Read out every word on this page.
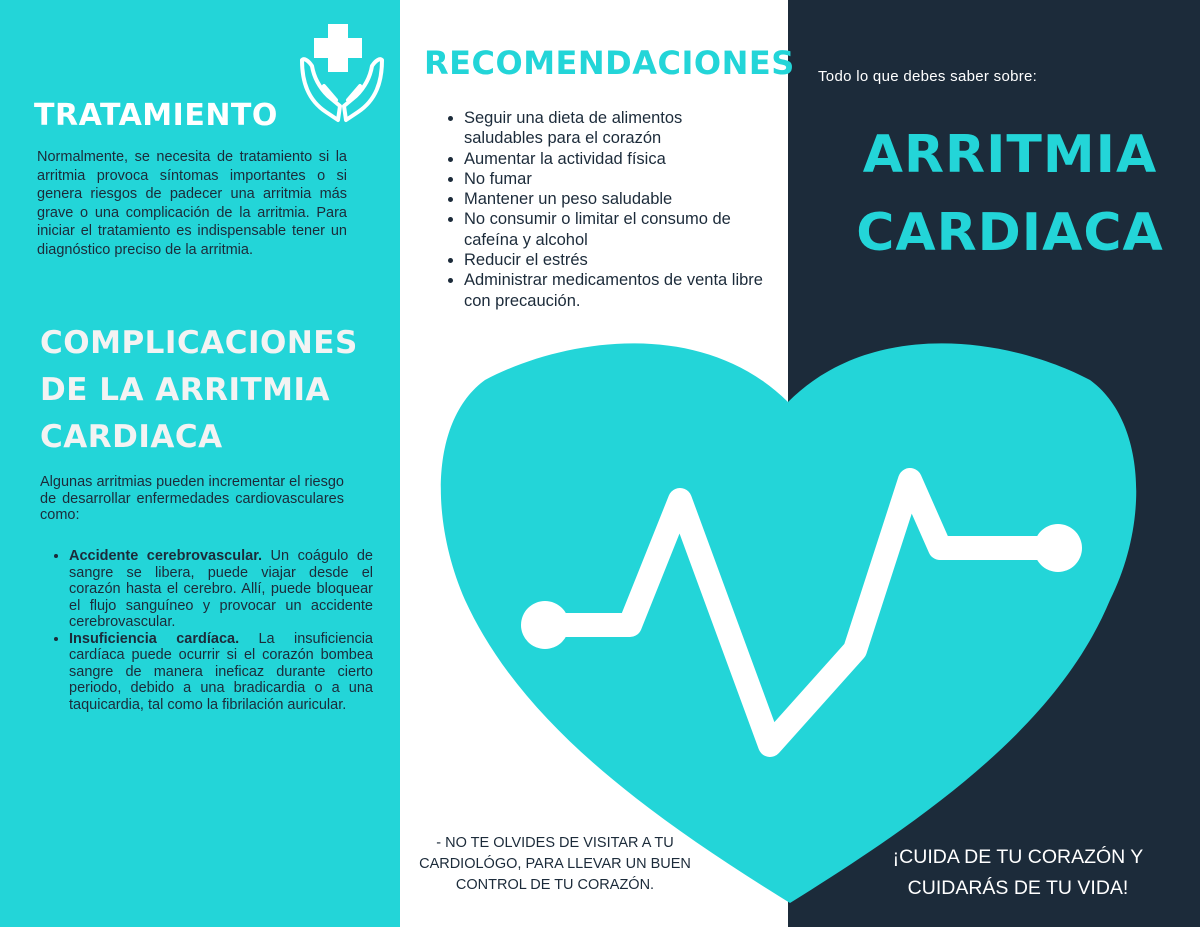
TRATAMIENTO

Normalmente, se necesita de tratamiento si la arritmia provoca síntomas importantes o si genera riesgos de padecer una arritmia más grave o una complicación de la arritmia. Para iniciar el tratamiento es indispensable tener un diagnóstico preciso de la arritmia.

COMPLICACIONES DE LA ARRITMIA CARDIACA

Algunas arritmias pueden incrementar el riesgo de desarrollar enfermedades cardiovasculares como:

• Accidente cerebrovascular. Un coágulo de sangre se libera, puede viajar desde el corazón hasta el cerebro. Allí, puede bloquear el flujo sanguíneo y provocar un accidente cerebrovascular.
• Insuficiencia cardíaca. La insuficiencia cardíaca puede ocurrir si el corazón bombea sangre de manera ineficaz durante cierto periodo, debido a una bradicardia o a una taquicardia, tal como la fibrilación auricular.
RECOMENDACIONES
• Seguir una dieta de alimentos saludables para el corazón
• Aumentar la actividad física
• No fumar
• Mantener un peso saludable
• No consumir o limitar el consumo de cafeína y alcohol
• Reducir el estrés
• Administrar medicamentos de venta libre con precaución.

- NO TE OLVIDES DE VISITAR A TU CARDIOLÓGO, PARA LLEVAR UN BUEN CONTROL DE TU CORAZÓN.

Todo lo que debes saber sobre:

ARRITMIA CARDIACA

¡CUIDA DE TU CORAZÓN Y CUIDARÁS DE TU VIDA!
